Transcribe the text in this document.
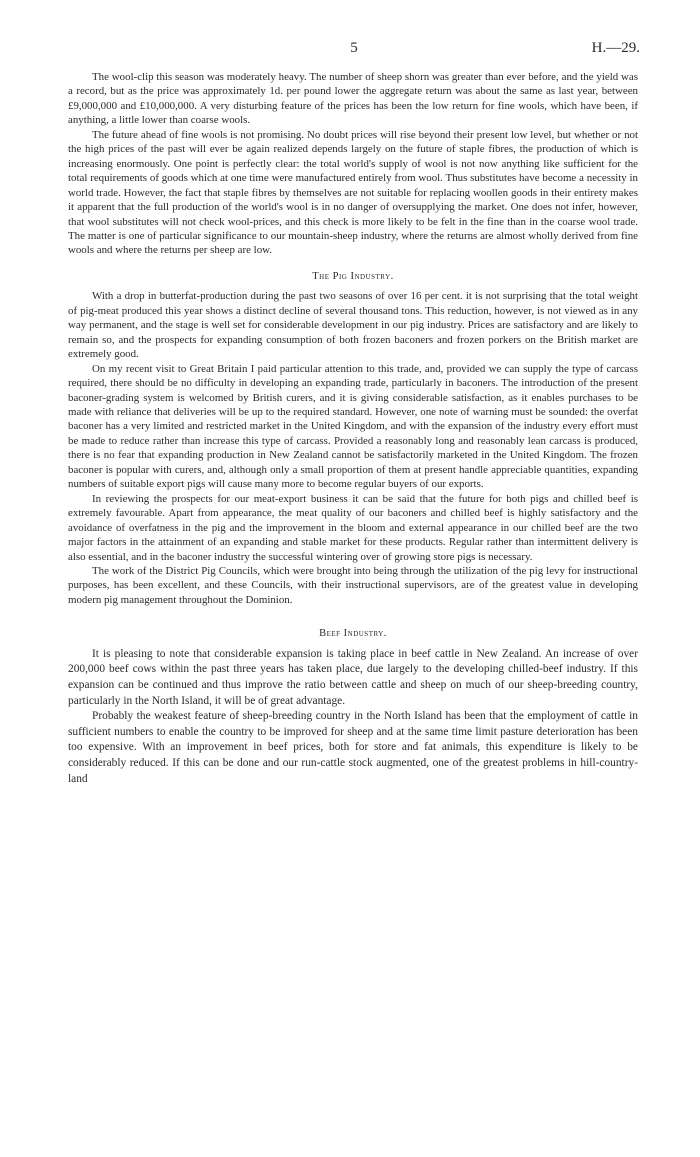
5	H.—29.

The wool-clip this season was moderately heavy. The number of sheep shorn was greater than ever before, and the yield was a record, but as the price was approximately 1d. per pound lower the aggregate return was about the same as last year, between £9,000,000 and £10,000,000. A very disturbing feature of the prices has been the low return for fine wools, which have been, if anything, a little lower than coarse wools.

The future ahead of fine wools is not promising. No doubt prices will rise beyond their present low level, but whether or not the high prices of the past will ever be again realized depends largely on the future of staple fibres, the production of which is increasing enormously. One point is perfectly clear: the total world's supply of wool is not now anything like sufficient for the total requirements of goods which at one time were manufactured entirely from wool. Thus substitutes have become a necessity in world trade. However, the fact that staple fibres by themselves are not suitable for replacing woollen goods in their entirety makes it apparent that the full production of the world's wool is in no danger of oversupplying the market. One does not infer, however, that wool substitutes will not check wool-prices, and this check is more likely to be felt in the fine than in the coarse wool trade. The matter is one of particular significance to our mountain-sheep industry, where the returns are almost wholly derived from fine wools and where the returns per sheep are low.

The Pig Industry.

With a drop in butterfat-production during the past two seasons of over 16 per cent. it is not surprising that the total weight of pig-meat produced this year shows a distinct decline of several thousand tons. This reduction, however, is not viewed as in any way permanent, and the stage is well set for considerable development in our pig industry. Prices are satisfactory and are likely to remain so, and the prospects for expanding consumption of both frozen baconers and frozen porkers on the British market are extremely good.

On my recent visit to Great Britain I paid particular attention to this trade, and, provided we can supply the type of carcass required, there should be no difficulty in developing an expanding trade, particularly in baconers. The introduction of the present baconer-grading system is welcomed by British curers, and it is giving considerable satisfaction, as it enables purchases to be made with reliance that deliveries will be up to the required standard. However, one note of warning must be sounded: the overfat baconer has a very limited and restricted market in the United Kingdom, and with the expansion of the industry every effort must be made to reduce rather than increase this type of carcass. Provided a reasonably long and reasonably lean carcass is produced, there is no fear that expanding production in New Zealand cannot be satisfactorily marketed in the United Kingdom. The frozen baconer is popular with curers, and, although only a small proportion of them at present handle appreciable quantities, expanding numbers of suitable export pigs will cause many more to become regular buyers of our exports.

In reviewing the prospects for our meat-export business it can be said that the future for both pigs and chilled beef is extremely favourable. Apart from appearance, the meat quality of our baconers and chilled beef is highly satisfactory and the avoidance of overfatness in the pig and the improvement in the bloom and external appearance in our chilled beef are the two major factors in the attainment of an expanding and stable market for these products. Regular rather than intermittent delivery is also essential, and in the baconer industry the successful wintering over of growing store pigs is necessary.

The work of the District Pig Councils, which were brought into being through the utilization of the pig levy for instructional purposes, has been excellent, and these Councils, with their instructional supervisors, are of the greatest value in developing modern pig management throughout the Dominion.

Beef Industry.

It is pleasing to note that considerable expansion is taking place in beef cattle in New Zealand. An increase of over 200,000 beef cows within the past three years has taken place, due largely to the developing chilled-beef industry. If this expansion can be continued and thus improve the ratio between cattle and sheep on much of our sheep-breeding country, particularly in the North Island, it will be of great advantage.

Probably the weakest feature of sheep-breeding country in the North Island has been that the employment of cattle in sufficient numbers to enable the country to be improved for sheep and at the same time limit pasture deterioration has been too expensive. With an improvement in beef prices, both for store and fat animals, this expenditure is likely to be considerably reduced. If this can be done and our run-cattle stock augmented, one of the greatest problems in hill-country-land
